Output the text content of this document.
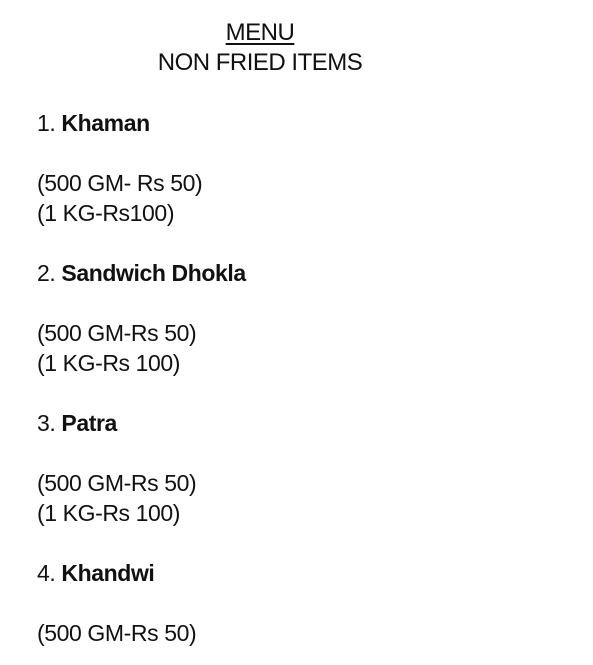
MENU
NON FRIED ITEMS
1. Khaman
(500 GM- Rs 50)
(1 KG-Rs100)
2. Sandwich Dhokla
(500 GM-Rs 50)
(1 KG-Rs 100)
3. Patra
(500 GM-Rs 50)
(1 KG-Rs 100)
4. Khandwi
(500 GM-Rs 50)
